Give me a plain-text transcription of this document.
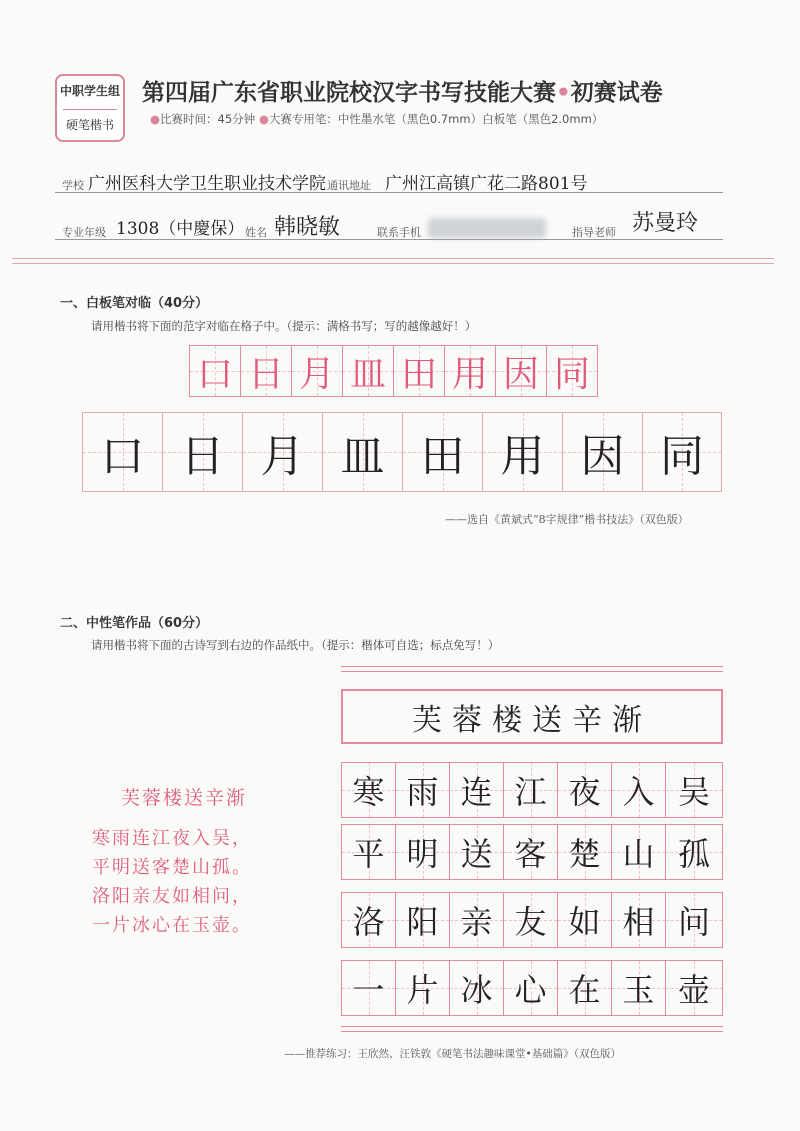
中职学生组
硬笔楷书
第四届广东省职业院校汉字书写技能大赛•初赛试卷
●比赛时间：45分钟 ●大赛专用笔：中性墨水笔（黑色0.7mm）白板笔（黑色2.0mm）
学校 广州医科大学卫生职业技术学院 通讯地址 广州江高镇广花二路801号
专业年级 1308（中慶保） 姓名 韩晓敏	联系手机	指导老师 苏曼玲
一、白板笔对临（40分）
请用楷书将下面的范字对临在格子中。（提示：满格书写；写的越像越好！）
口 日 月 皿 田 用 因 同
口 日 月 皿 田 用 因 同
——选自《黄斌式“8字规律”楷书技法》（双色版）
二、中性笔作品（60分）
请用楷书将下面的古诗写到右边的作品纸中。（提示：楷体可自选；标点免写！）
芙蓉楼送辛渐
寒雨连江夜入吴，
平明送客楚山孤。
洛阳亲友如相问，
一片冰心在玉壶。
芙蓉楼送辛渐
寒 雨 连 江 夜 入 吴
平 明 送 客 楚 山 孤
洛 阳 亲 友 如 相 问
一 片 冰 心 在 玉 壶
——推荐练习：王欣然、汪铁敦《硬笔书法趣味课堂•基础篇》（双色版）
